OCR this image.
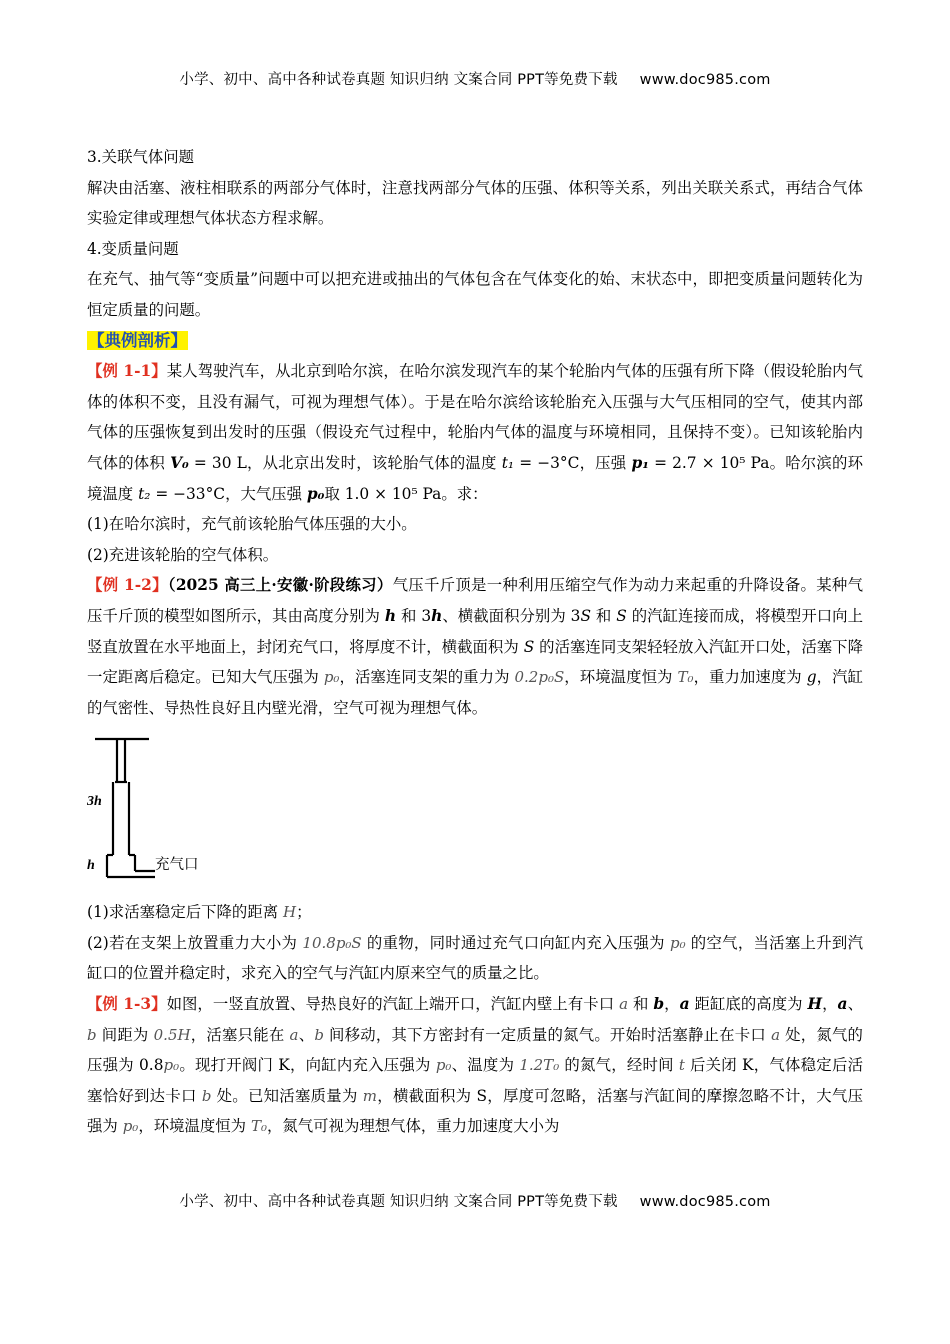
小学、初中、高中各种试卷真题 知识归纳 文案合同 PPT等免费下载 www.doc985.com

3.关联气体问题

解决由活塞、液柱相联系的两部分气体时，注意找两部分气体的压强、体积等关系，列出关联关系式，再结合气体实验定律或理想气体状态方程求解。

4.变质量问题

在充气、抽气等“变质量”问题中可以把充进或抽出的气体包含在气体变化的始、末状态中，即把变质量问题转化为恒定质量的问题。

【典例剖析】

【例 1-1】某人驾驶汽车，从北京到哈尔滨，在哈尔滨发现汽车的某个轮胎内气体的压强有所下降（假设轮胎内气体的体积不变，且没有漏气，可视为理想气体）。于是在哈尔滨给该轮胎充入压强与大气压相同的空气，使其内部气体的压强恢复到出发时的压强（假设充气过程中，轮胎内气体的温度与环境相同，且保持不变）。已知该轮胎内气体的体积 V₀ = 30 L，从北京出发时，该轮胎气体的温度 t₁ = −3°C，压强 p₁ = 2.7 × 10⁵ Pa。哈尔滨的环境温度 t₂ = −33°C，大气压强 p₀取 1.0 × 10⁵ Pa。求：

(1)在哈尔滨时，充气前该轮胎气体压强的大小。

(2)充进该轮胎的空气体积。

【例 1-2】（2025 高三上·安徽·阶段练习）气压千斤顶是一种利用压缩空气作为动力来起重的升降设备。某种气压千斤顶的模型如图所示，其由高度分别为 h 和 3h、横截面积分别为 3S 和 S 的汽缸连接而成，将模型开口向上竖直放置在水平地面上，封闭充气口，将厚度不计，横截面积为 S 的活塞连同支架轻轻放入汽缸开口处，活塞下降一定距离后稳定。已知大气压强为 p₀，活塞连同支架的重力为 0.2p₀S，环境温度恒为 T₀，重力加速度为 g，汽缸的气密性、导热性良好且内壁光滑，空气可视为理想气体。

3h
h	充气口

(1)求活塞稳定后下降的距离 H；

(2)若在支架上放置重力大小为 10.8p₀S 的重物，同时通过充气口向缸内充入压强为 p₀ 的空气，当活塞上升到汽缸口的位置并稳定时，求充入的空气与汽缸内原来空气的质量之比。

【例 1-3】如图，一竖直放置、导热良好的汽缸上端开口，汽缸内壁上有卡口 a 和 b，a 距缸底的高度为 H，a、b 间距为 0.5H，活塞只能在 a、b 间移动，其下方密封有一定质量的氮气。开始时活塞静止在卡口 a 处，氮气的压强为 0.8p₀。现打开阀门 K，向缸内充入压强为 p₀、温度为 1.2T₀ 的氮气，经时间 t 后关闭 K，气体稳定后活塞恰好到达卡口 b 处。已知活塞质量为 m，横截面积为 S，厚度可忽略，活塞与汽缸间的摩擦忽略不计，大气压强为 p₀，环境温度恒为 T₀，氮气可视为理想气体，重力加速度大小为

小学、初中、高中各种试卷真题 知识归纳 文案合同 PPT等免费下载 www.doc985.com
